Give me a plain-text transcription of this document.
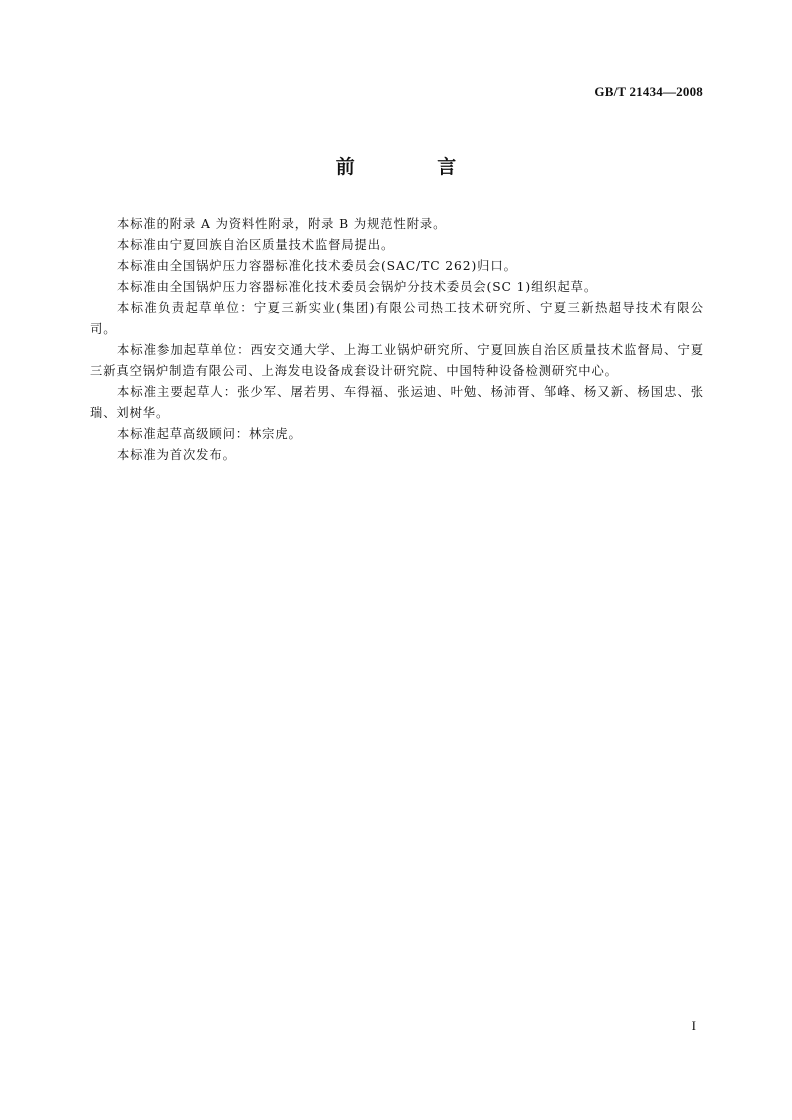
GB/T 21434—2008
前 言

本标准的附录 A 为资料性附录，附录 B 为规范性附录。

本标准由宁夏回族自治区质量技术监督局提出。

本标准由全国锅炉压力容器标准化技术委员会(SAC/TC 262)归口。

本标准由全国锅炉压力容器标准化技术委员会锅炉分技术委员会(SC 1)组织起草。

本标准负责起草单位：宁夏三新实业(集团)有限公司热工技术研究所、宁夏三新热超导技术有限公司。

本标准参加起草单位：西安交通大学、上海工业锅炉研究所、宁夏回族自治区质量技术监督局、宁夏三新真空锅炉制造有限公司、上海发电设备成套设计研究院、中国特种设备检测研究中心。

本标准主要起草人：张少军、屠若男、车得福、张运迪、叶勉、杨沛胥、邹峰、杨又新、杨国忠、张瑞、刘树华。

本标准起草高级顾问：林宗虎。

本标准为首次发布。

I
